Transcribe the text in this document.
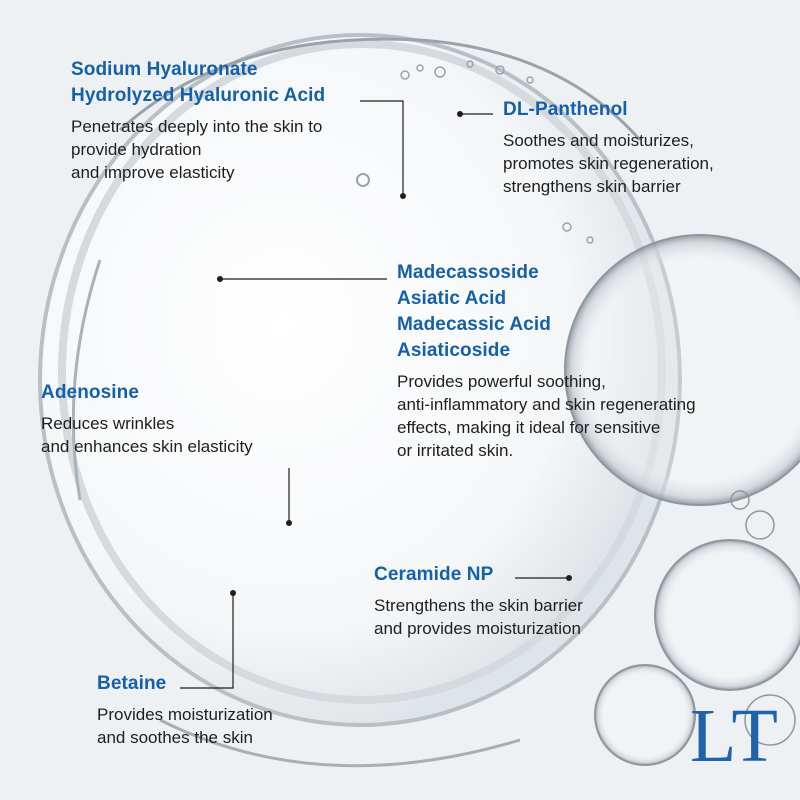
Sodium Hyaluronate
Hydrolyzed Hyaluronic Acid
Penetrates deeply into the skin to
provide hydration
and improve elasticity
DL-Panthenol
Soothes and moisturizes,
promotes skin regeneration,
strengthens skin barrier
Madecassoside
Asiatic Acid
Madecassic Acid
Asiaticoside
Provides powerful soothing,
anti-inflammatory and skin regenerating
effects, making it ideal for sensitive
or irritated skin.
Adenosine
Reduces wrinkles
and enhances skin elasticity
Ceramide NP
Strengthens the skin barrier
and provides moisturization
Betaine
Provides moisturization
and soothes the skin	LT
